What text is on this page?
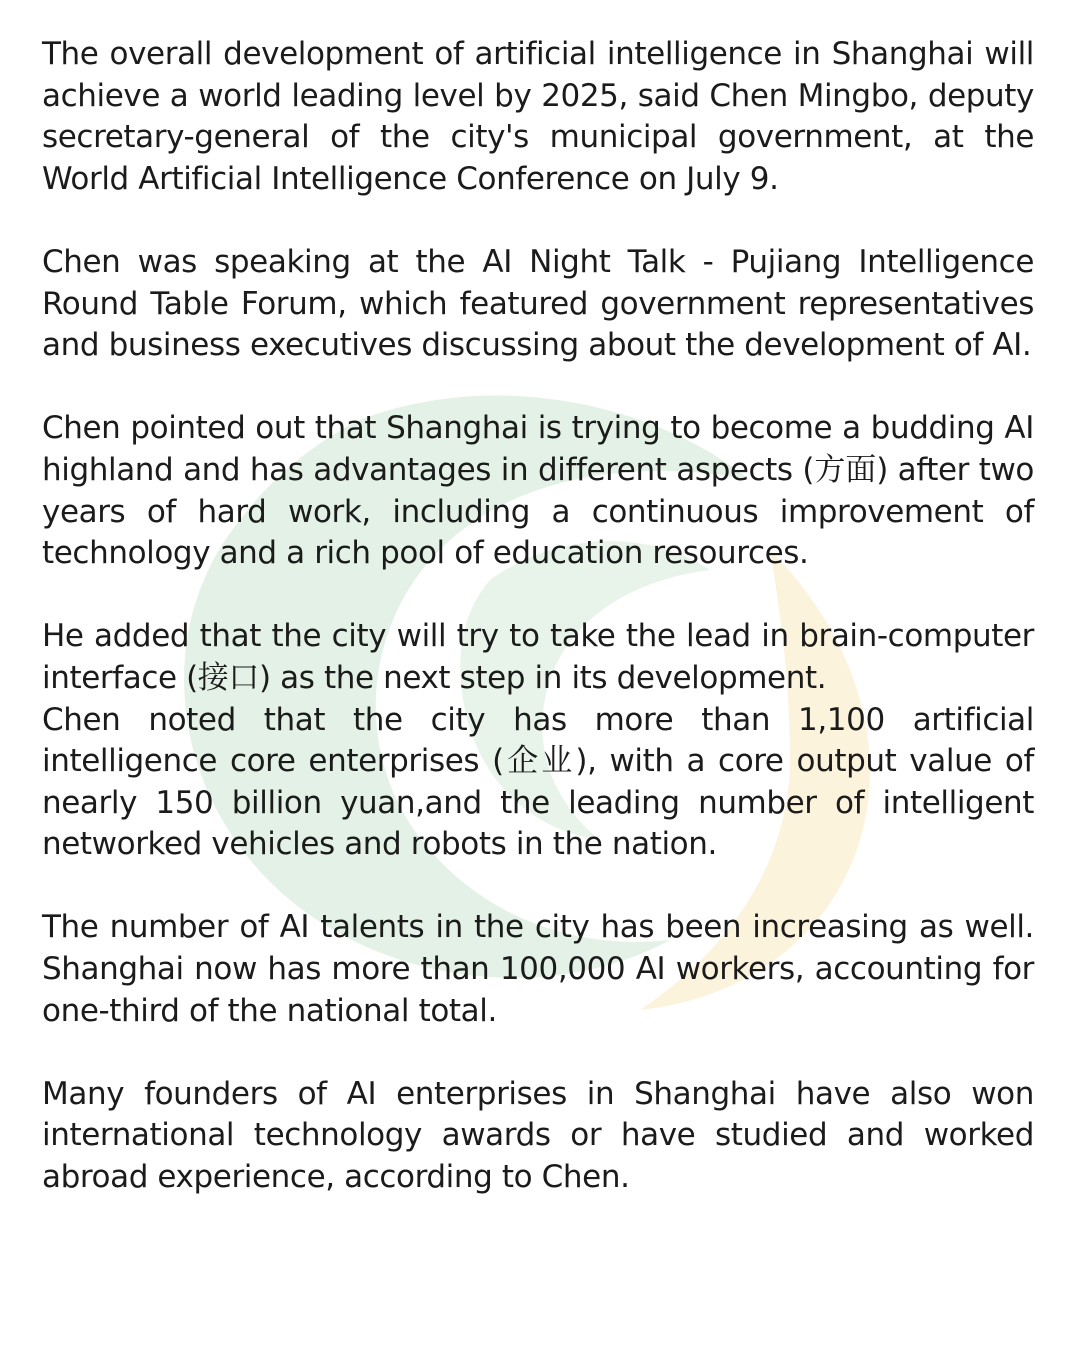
The overall development of artificial intelligence in Shanghai will achieve a world leading level by 2025, said Chen Mingbo, deputy secretary-general of the city's municipal government, at the World Artificial Intelligence Conference on July 9.

Chen was speaking at the AI Night Talk - Pujiang Intelligence Round Table Forum, which featured government representatives and business executives discussing about the development of AI.

Chen pointed out that Shanghai is trying to become a budding AI highland and has advantages in different aspects (方面) after two years of hard work, including a continuous improvement of technology and a rich pool of education resources.

He added that the city will try to take the lead in brain-computer interface (接口) as the next step in its development.

Chen noted that the city has more than 1,100 artificial intelligence core enterprises (企业), with a core output value of nearly 150 billion yuan,and the leading number of intelligent networked vehicles and robots in the nation.

The number of AI talents in the city has been increasing as well. Shanghai now has more than 100,000 AI workers, accounting for one-third of the national total.

Many founders of AI enterprises in Shanghai have also won international technology awards or have studied and worked abroad experience, according to Chen.
